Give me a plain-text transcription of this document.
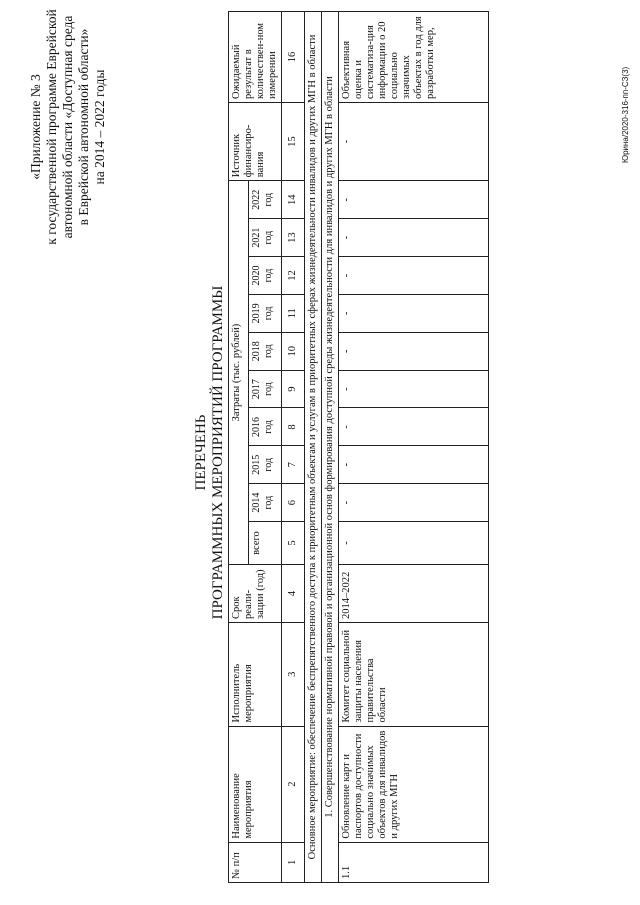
«Приложение № 3 к государственной программе Еврейской автономной области «Доступная среда в Еврейской автономной области» на 2014 – 2022 годы
ПЕРЕЧЕНЬ ПРОГРАММНЫХ МЕРОПРИЯТИЙ ПРОГРАММЫ
№ п/п	Наименование мероприятия	Исполнитель мероприятия	Срок реали-зации (год)	Затраты (тыс. рублей)										Источник финансиро-вания	Ожидаемый результат в количествен-ном измерении
				всего	2014 год	2015 год	2016 год	2017 год	2018 год	2019 год	2020 год	2021 год	2022 год		
1	2	3	4	5	6	7	8	9	10	11	12	13	14	15	16
Основное мероприятие: обеспечение беспрепятственного доступа к приоритетным объектам и услугам в приоритетных сферах жизнедеятельности инвалидов и других МГН в области															
1. Совершенствование нормативной правовой и организационной основ формирования доступной среды жизнедеятельности для инвалидов и других МГН в области															
1.1	Обновление карт и паспортов доступности социально значимых объектов для инвалидов и других МГН	Комитет социальной защиты населения правительства области	2014–2022	-	-	-	-	-	-	-	-	-	-	-	Объективная оценка и систематиза-ция информации о 20 социально значимых объектах в год для разработки мер,
Юрина/2020-316-пп-СЗ(3)
